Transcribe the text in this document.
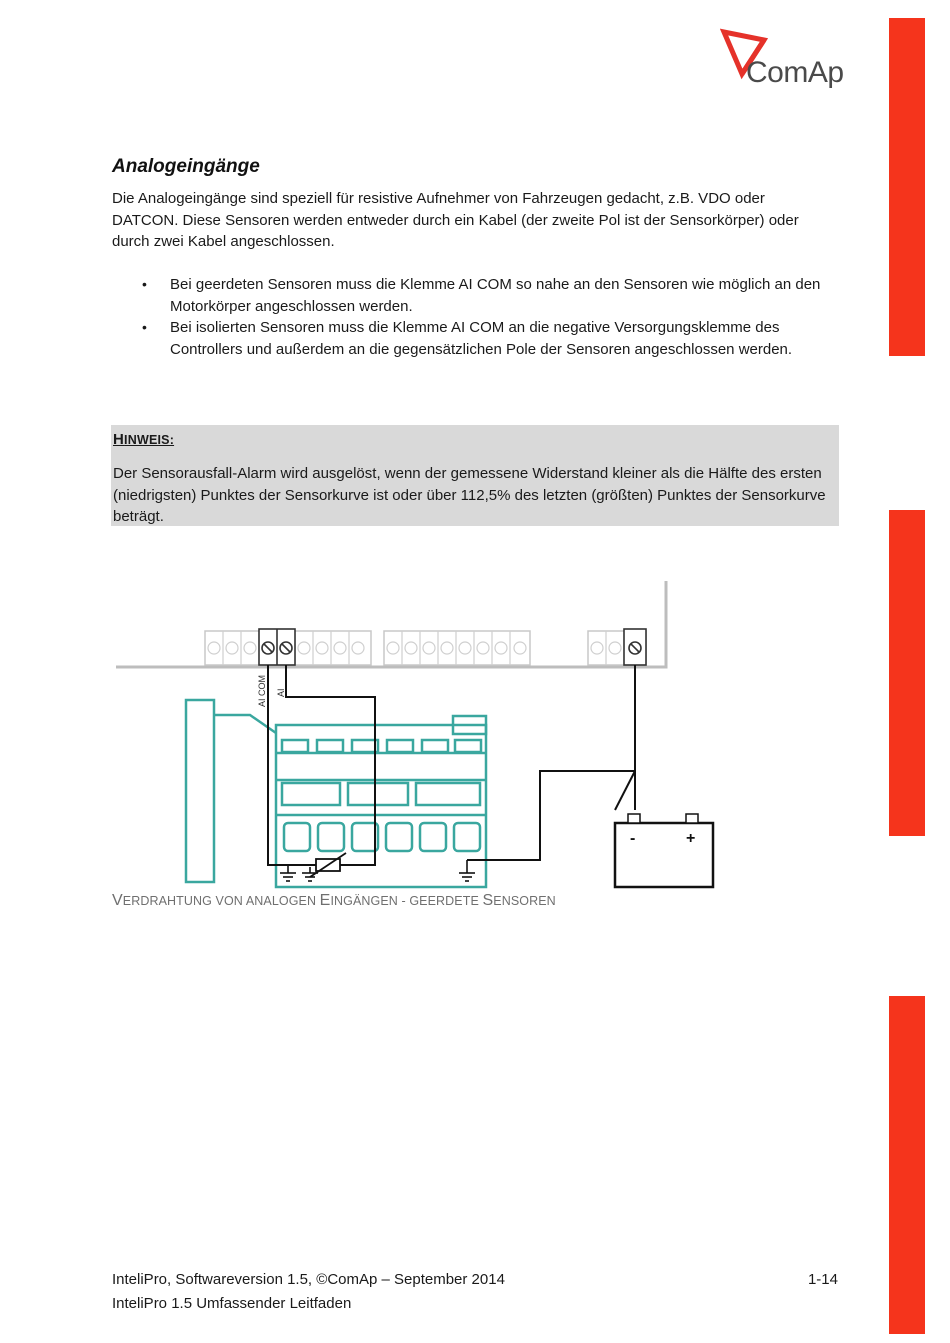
ComAp
Analogeingänge
Die Analogeingänge sind speziell für resistive Aufnehmer von Fahrzeugen gedacht, z.B. VDO oder DATCON. Diese Sensoren werden entweder durch ein Kabel (der zweite Pol ist der Sensorkörper) oder durch zwei Kabel angeschlossen.
• Bei geerdeten Sensoren muss die Klemme AI COM so nahe an den Sensoren wie möglich an den Motorkörper angeschlossen werden.
• Bei isolierten Sensoren muss die Klemme AI COM an die negative Versorgungsklemme des Controllers und außerdem an die gegensätzlichen Pole der Sensoren angeschlossen werden.
HINWEIS:
Der Sensorausfall-Alarm wird ausgelöst, wenn der gemessene Widerstand kleiner als die Hälfte des ersten (niedrigsten) Punktes der Sensorkurve ist oder über 112,5% des letzten (größten) Punktes der Sensorkurve beträgt.
AI COM AI
-	+
VERDRAHTUNG VON ANALOGEN EINGÄNGEN - GEERDETE SENSOREN
InteliPro, Softwareversion 1.5, ©ComAp – September 2014	1-14
InteliPro 1.5 Umfassender Leitfaden
